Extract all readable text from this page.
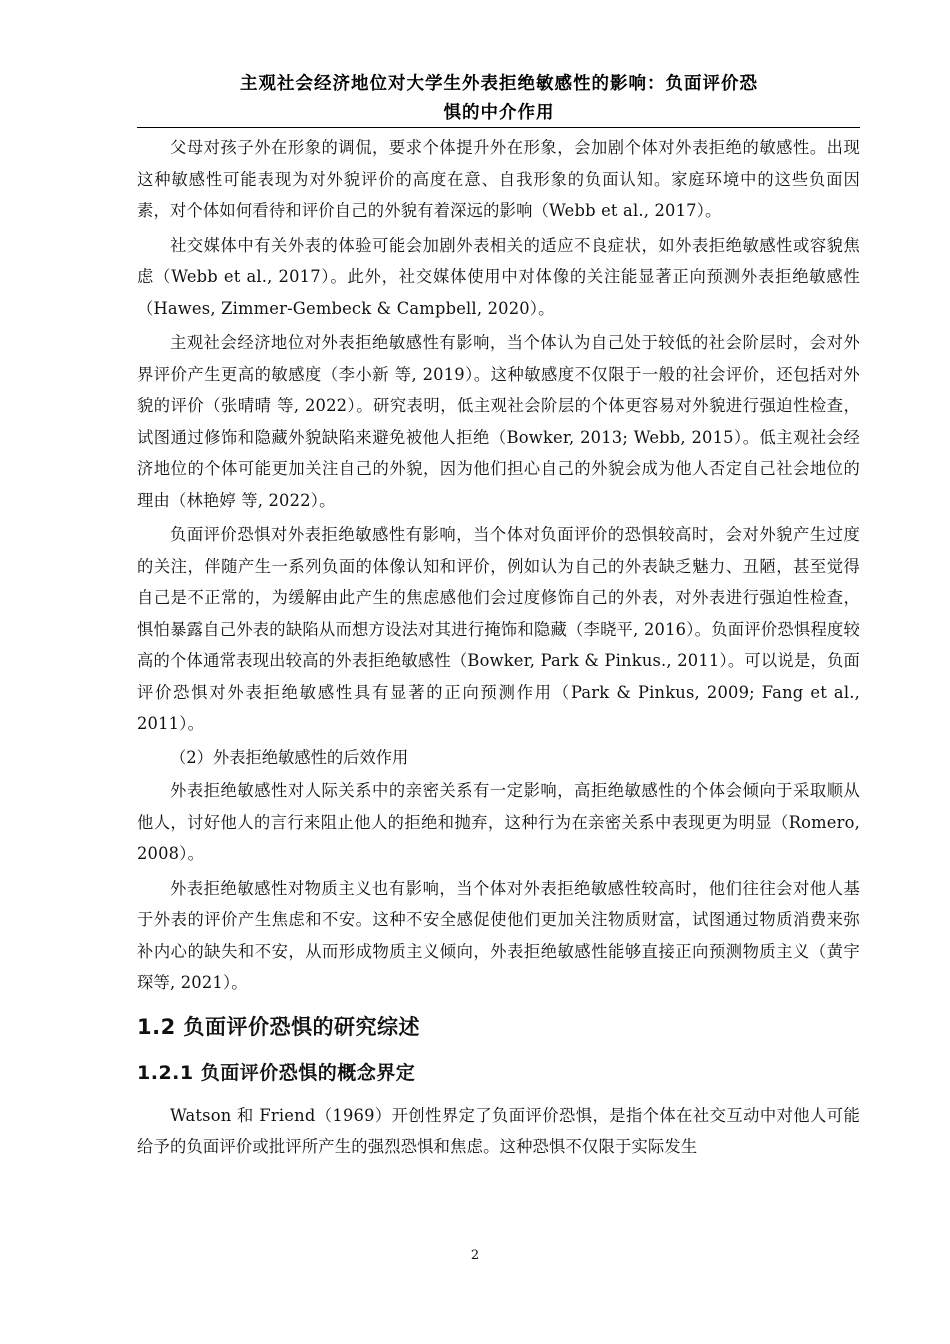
主观社会经济地位对大学生外表拒绝敏感性的影响：负面评价恐
惧的中介作用

父母对孩子外在形象的调侃，要求个体提升外在形象，会加剧个体对外表拒绝的敏感性。出现这种敏感性可能表现为对外貌评价的高度在意、自我形象的负面认知。家庭环境中的这些负面因素，对个体如何看待和评价自己的外貌有着深远的影响（Webb et al., 2017）。

社交媒体中有关外表的体验可能会加剧外表相关的适应不良症状，如外表拒绝敏感性或容貌焦虑（Webb et al., 2017）。此外，社交媒体使用中对体像的关注能显著正向预测外表拒绝敏感性（Hawes, Zimmer-Gembeck & Campbell, 2020）。

主观社会经济地位对外表拒绝敏感性有影响，当个体认为自己处于较低的社会阶层时，会对外界评价产生更高的敏感度（李小新 等, 2019）。这种敏感度不仅限于一般的社会评价，还包括对外貌的评价（张晴晴 等, 2022）。研究表明，低主观社会阶层的个体更容易对外貌进行强迫性检查，试图通过修饰和隐藏外貌缺陷来避免被他人拒绝（Bowker, 2013; Webb, 2015）。低主观社会经济地位的个体可能更加关注自己的外貌，因为他们担心自己的外貌会成为他人否定自己社会地位的理由（林艳婷 等, 2022）。

负面评价恐惧对外表拒绝敏感性有影响，当个体对负面评价的恐惧较高时，会对外貌产生过度的关注，伴随产生一系列负面的体像认知和评价，例如认为自己的外表缺乏魅力、丑陋，甚至觉得自己是不正常的，为缓解由此产生的焦虑感他们会过度修饰自己的外表，对外表进行强迫性检查，惧怕暴露自己外表的缺陷从而想方设法对其进行掩饰和隐藏（李晓平, 2016）。负面评价恐惧程度较高的个体通常表现出较高的外表拒绝敏感性（Bowker, Park & Pinkus., 2011）。可以说是，负面评价恐惧对外表拒绝敏感性具有显著的正向预测作用（Park & Pinkus, 2009; Fang et al., 2011）。

（2）外表拒绝敏感性的后效作用

外表拒绝敏感性对人际关系中的亲密关系有一定影响，高拒绝敏感性的个体会倾向于采取顺从他人，讨好他人的言行来阻止他人的拒绝和抛弃，这种行为在亲密关系中表现更为明显（Romero, 2008）。

外表拒绝敏感性对物质主义也有影响，当个体对外表拒绝敏感性较高时，他们往往会对他人基于外表的评价产生焦虑和不安。这种不安全感促使他们更加关注物质财富，试图通过物质消费来弥补内心的缺失和不安，从而形成物质主义倾向，外表拒绝敏感性能够直接正向预测物质主义（黄宇琛等, 2021）。

1.2 负面评价恐惧的研究综述
1.2.1 负面评价恐惧的概念界定

Watson 和 Friend（1969）开创性界定了负面评价恐惧，是指个体在社交互动中对他人可能给予的负面评价或批评所产生的强烈恐惧和焦虑。这种恐惧不仅限于实际发生

2
